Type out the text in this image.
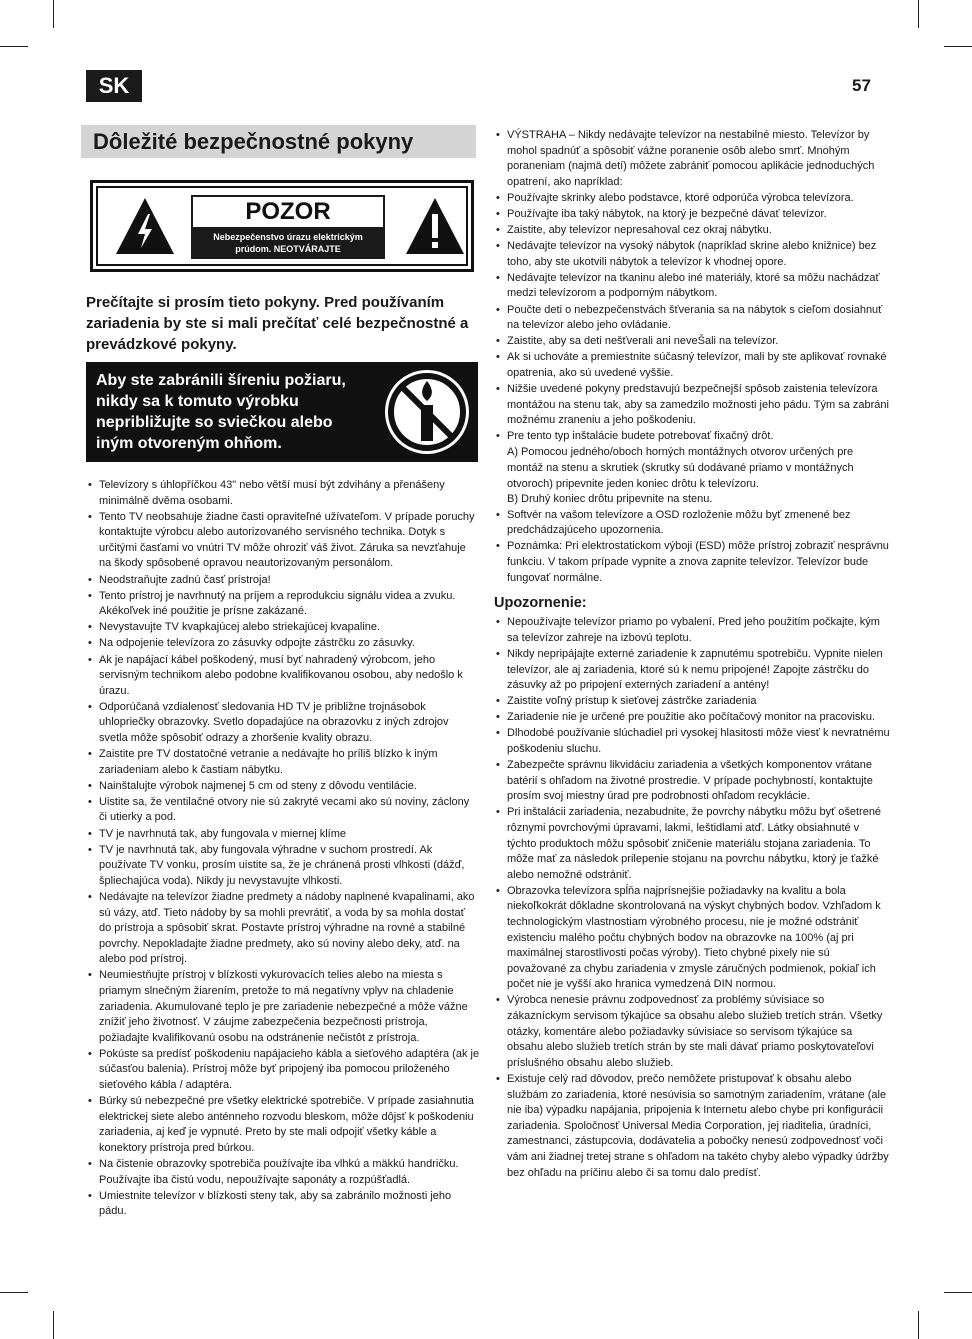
SK	57
Dôležité bezpečnostné pokyny
POZOR
Nebezpečenstvo úrazu elektrickým
prúdom. NEOTVÁRAJTE
Prečítajte si prosím tieto pokyny. Pred používaním zariadenia by ste si mali prečítať celé bezpečnostné a prevádzkové pokyny.
Aby ste zabránili šíreniu požiaru, nikdy sa k tomuto výrobku nepribližujte so sviečkou alebo iným otvoreným ohňom.
• Televízory s úhlopříčkou 43" nebo větší musí být zdvihány a přenášeny minimálně dvěma osobami.
• Tento TV neobsahuje žiadne časti opraviteľné užívateľom. V prípade poruchy kontaktujte výrobcu alebo autorizovaného servisného technika. Dotyk s určitými časťami vo vnútri TV môže ohroziť váš život. Záruka sa nevzťahuje na škody spôsobené opravou neautorizovaným personálom.
• Neodstraňujte zadnú časť prístroja!
• Tento prístroj je navrhnutý na príjem a reprodukciu signálu videa a zvuku. Akékoľvek iné použitie je prísne zakázané.
• Nevystavujte TV kvapkajúcej alebo striekajúcej kvapaline.
• Na odpojenie televízora zo zásuvky odpojte zástrčku zo zásuvky.
• Ak je napájací kábel poškodený, musí byť nahradený výrobcom, jeho servisným technikom alebo podobne kvalifikovanou osobou, aby nedošlo k úrazu.
• Odporúčaná vzdialenosť sledovania HD TV je približne trojnásobok uhlopriečky obrazovky. Svetlo dopadajúce na obrazovku z iných zdrojov svetla môže spôsobiť odrazy a zhoršenie kvality obrazu.
• Zaistite pre TV dostatočné vetranie a nedávajte ho príliš blízko k iným zariadeniam alebo k častiam nábytku.
• Nainštalujte výrobok najmenej 5 cm od steny z dôvodu ventilácie.
• Uistite sa, že ventilačné otvory nie sú zakryté vecami ako sú noviny, záclony či utierky a pod.
• TV je navrhnutá tak, aby fungovala v miernej klíme
• TV je navrhnutá tak, aby fungovala výhradne v suchom prostredí. Ak používate TV vonku, prosím uistite sa, že je chránená prosti vlhkosti (dážď, špliechajúca voda). Nikdy ju nevystavujte vlhkosti.
• Nedávajte na televízor žiadne predmety a nádoby naplnené kvapalinami, ako sú vázy, atď. Tieto nádoby by sa mohli prevrátiť, a voda by sa mohla dostať do prístroja a spôsobiť skrat. Postavte prístroj výhradne na rovné a stabilné povrchy. Nepokladajte žiadne predmety, ako sú noviny alebo deky, atď. na alebo pod prístroj.
• Neumiestňujte prístroj v blízkosti vykurovacích telies alebo na miesta s priamym slnečným žiarením, pretože to má negatívny vplyv na chladenie zariadenia. Akumulované teplo je pre zariadenie nebezpečné a môže vážne znížiť jeho životnosť. V záujme zabezpečenia bezpečnosti prístroja, požiadajte kvalifikovanú osobu na odstránenie nečistôt z prístroja.
• Pokúste sa predísť poškodeniu napájacieho kábla a sieťového adaptéra (ak je súčasťou balenia). Prístroj môže byť pripojený iba pomocou priloženého sieťového kábla / adaptéra.
• Búrky sú nebezpečné pre všetky elektrické spotrebiče. V prípade zasiahnutia elektrickej siete alebo anténneho rozvodu bleskom, môže dôjsť k poškodeniu zariadenia, aj keď je vypnuté. Preto by ste mali odpojiť všetky káble a konektory prístroja pred búrkou.
• Na čistenie obrazovky spotrebiča používajte iba vlhkú a mäkkú handričku. Používajte iba čistú vodu, nepoužívajte saponáty a rozpúšťadlá.
• Umiestnite televízor v blízkosti steny tak, aby sa zabránilo možnosti jeho pádu.
• VÝSTRAHA – Nikdy nedávajte televízor na nestabilné miesto. Televízor by mohol spadnúť a spôsobiť vážne poranenie osôb alebo smrť. Mnohým poraneniam (najmä detí) môžete zabrániť pomocou aplikácie jednoduchých opatrení, ako napríklad:
• Používajte skrinky alebo podstavce, ktoré odporúča výrobca televízora.
• Používajte iba taký nábytok, na ktorý je bezpečné dávať televízor.
• Zaistite, aby televízor nepresahoval cez okraj nábytku.
• Nedávajte televízor na vysoký nábytok (napríklad skrine alebo knižnice) bez toho, aby ste ukotvili nábytok a televízor k vhodnej opore.
• Nedávajte televízor na tkaninu alebo iné materiály, ktoré sa môžu nachádzať medzi televízorom a podporným nábytkom.
• Poučte deti o nebezpečenstvách šťverania sa na nábytok s cieľom dosiahnuť na televízor alebo jeho ovládanie.
• Zaistite, aby sa deti nešťverali ani neveŠali na televízor.
• Ak si uchováte a premiestnite súčasný televízor, mali by ste aplikovať rovnaké opatrenia, ako sú uvedené vyššie.
• Nižšie uvedené pokyny predstavujú bezpečnejší spôsob zaistenia televízora montážou na stenu tak, aby sa zamedzilo možnosti jeho pádu. Tým sa zabráni možnému zraneniu a jeho poškodeniu.
• Pre tento typ inštalácie budete potrebovať fixačný drôt.
A) Pomocou jedného/oboch horných montážnych otvorov určených pre montáž na stenu a skrutiek (skrutky sú dodávané priamo v montážnych otvoroch) pripevnite jeden koniec drôtu k televízoru.
B) Druhý koniec drôtu pripevnite na stenu.
• Softvér na vašom televízore a OSD rozloženie môžu byť zmenené bez predchádzajúceho upozornenia.
• Poznámka: Pri elektrostatickom výboji (ESD) môže prístroj zobraziť nesprávnu funkciu. V takom prípade vypnite a znova zapnite televízor. Televízor bude fungovať normálne.
Upozornenie:
• Nepoužívajte televízor priamo po vybalení. Pred jeho použitím počkajte, kým sa televízor zahreje na izbovú teplotu.
• Nikdy nepripájajte externé zariadenie k zapnutému spotrebiču. Vypnite nielen televízor, ale aj zariadenia, ktoré sú k nemu pripojené! Zapojte zástrčku do zásuvky až po pripojení externých zariadení a antény!
• Zaistite voľný prístup k sieťovej zástrčke zariadenia
• Zariadenie nie je určené pre použitie ako počítačový monitor na pracovisku.
• Dlhodobé používanie slúchadiel pri vysokej hlasitosti môže viesť k nevratnému poškodeniu sluchu.
• Zabezpečte správnu likvidáciu zariadenia a všetkých komponentov vrátane batérií s ohľadom na životné prostredie. V prípade pochybností, kontaktujte prosím svoj miestny úrad pre podrobnosti ohľadom recyklácie.
• Pri inštalácii zariadenia, nezabudnite, že povrchy nábytku môžu byť ošetrené rôznymi povrchovými úpravami, lakmi, leštidlami atď. Látky obsiahnuté v týchto produktoch môžu spôsobiť zničenie materiálu stojana zariadenia. To môže mať za následok prilepenie stojanu na povrchu nábytku, ktorý je ťažké alebo nemožné odstrániť.
• Obrazovka televízora spĺňa najprísnejšie požiadavky na kvalitu a bola niekoľkokrát dôkladne skontrolovaná na výskyt chybných bodov. Vzhľadom k technologickým vlastnostiam výrobného procesu, nie je možné odstrániť existenciu malého počtu chybných bodov na obrazovke na 100% (aj pri maximálnej starostlivosti počas výroby). Tieto chybné pixely nie sú považované za chybu zariadenia v zmysle záručných podmienok, pokiaľ ich počet nie je vyšší ako hranica vymedzená DIN normou.
• Výrobca nenesie právnu zodpovednosť za problémy súvisiace so zákazníckym servisom týkajúce sa obsahu alebo služieb tretích strán. Všetky otázky, komentáre alebo požiadavky súvisiace so servisom týkajúce sa obsahu alebo služieb tretích strán by ste mali dávať priamo poskytovateľovi príslušného obsahu alebo služieb.
• Existuje celý rad dôvodov, prečo nemôžete pristupovať k obsahu alebo službám zo zariadenia, ktoré nesúvisia so samotným zariadením, vrátane (ale nie iba) výpadku napájania, pripojenia k Internetu alebo chybe pri konfigurácii zariadenia. Spoločnosť Universal Media Corporation, jej riaditelia, úradníci, zamestnanci, zástupcovia, dodávatelia a pobočky nenesú zodpovednosť voči vám ani žiadnej tretej strane s ohľadom na takéto chyby alebo výpadky údržby bez ohľadu na príčinu alebo či sa tomu dalo predísť.
